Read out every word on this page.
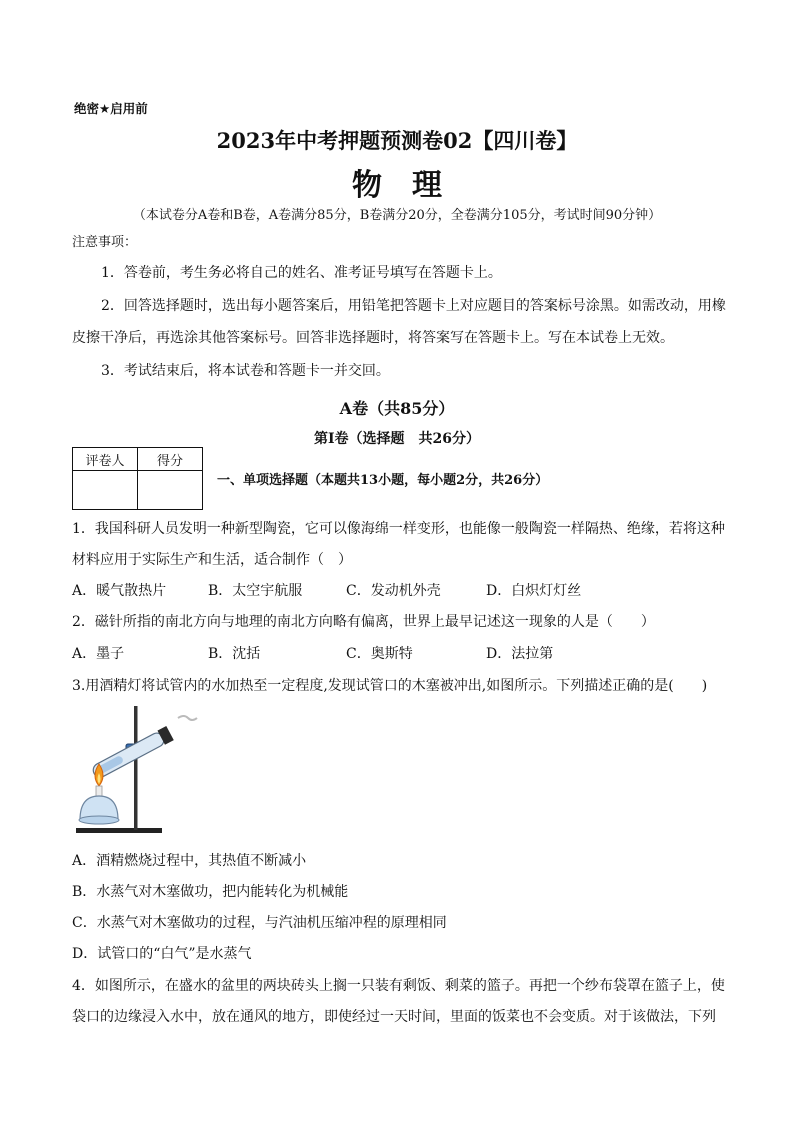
绝密★启用前
2023年中考押题预测卷02【四川卷】
物理
（本试卷分A卷和B卷，A卷满分85分，B卷满分20分，全卷满分105分，考试时间90分钟）
注意事项：
1．答卷前，考生务必将自己的姓名、准考证号填写在答题卡上。
2．回答选择题时，选出每小题答案后，用铅笔把答题卡上对应题目的答案标号涂黑。如需改动，用橡
皮擦干净后，再选涂其他答案标号。回答非选择题时，将答案写在答题卡上。写在本试卷上无效。
3．考试结束后，将本试卷和答题卡一并交回。
A卷（共85分）
第Ⅰ卷（选择题　共26分）
评卷人	得分

一、单项选择题（本题共13小题，每小题2分，共26分）
1．我国科研人员发明一种新型陶瓷，它可以像海绵一样变形，也能像一般陶瓷一样隔热、绝缘，若将这种
材料应用于实际生产和生活，适合制作（　）
A．暖气散热片	B．太空宇航服	C．发动机外壳	D．白炽灯灯丝
2．磁针所指的南北方向与地理的南北方向略有偏离，世界上最早记述这一现象的人是（　　）
A．墨子	B．沈括	C．奥斯特	D．法拉第
3.用酒精灯将试管内的水加热至一定程度,发现试管口的木塞被冲出,如图所示。下列描述正确的是(　　)
A．酒精燃烧过程中，其热值不断减小
B．水蒸气对木塞做功，把内能转化为机械能
C．水蒸气对木塞做功的过程，与汽油机压缩冲程的原理相同
D．试管口的“白气”是水蒸气
4．如图所示，在盛水的盆里的两块砖头上搁一只装有剩饭、剩菜的篮子。再把一个纱布袋罩在篮子上，使
袋口的边缘浸入水中，放在通风的地方，即使经过一天时间，里面的饭菜也不会变质。对于该做法，下列
